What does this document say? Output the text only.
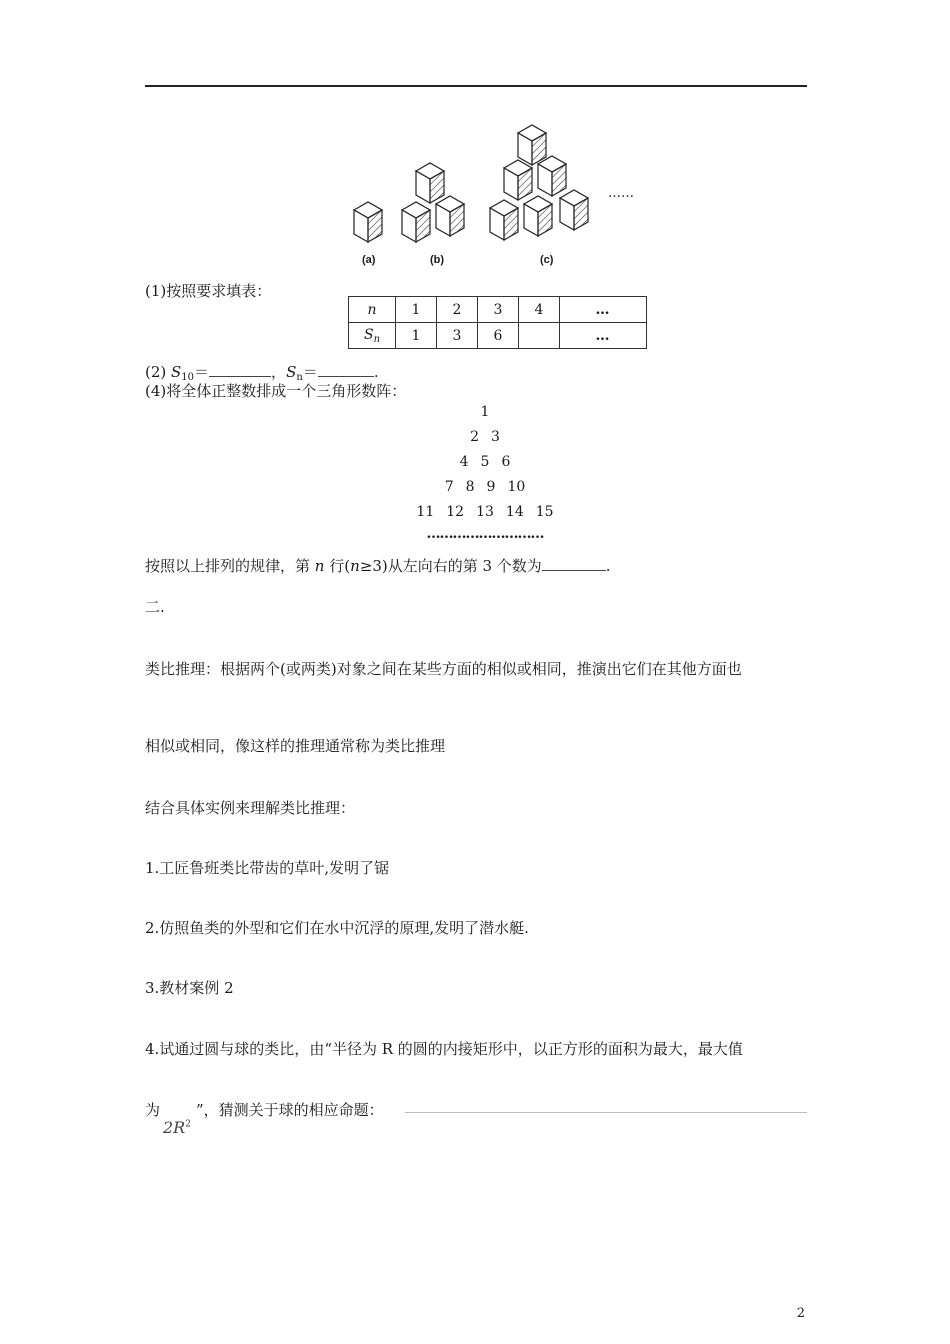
……
(a)	(b)	(c)
(1)按照要求填表：
n	1	2	3	4	…
$S_n$	1	3	6		…
(2) $S_{10}=$	，$S_n=$	.
(4)将全体正整数排成一个三角形数阵：
1
2 3
4 5 6
7 8 9 10
11 12 13 14 15
………………………
按照以上排列的规律，第 n 行(n≥3)从左向右的第 3 个数为	.
二.
类比推理：根据两个(或两类)对象之间在某些方面的相似或相同，推演出它们在其他方面也
相似或相同，像这样的推理通常称为类比推理
结合具体实例来理解类比推理：
1.工匠鲁班类比带齿的草叶,发明了锯
2.仿照鱼类的外型和它们在水中沉浮的原理,发明了潜水艇.
3.教材案例 2
4.试通过圆与球的类比，由“半径为 R 的圆的内接矩形中，以正方形的面积为最大，最大值
为 ”，猜测关于球的相应命题：
$2R^2$
2
